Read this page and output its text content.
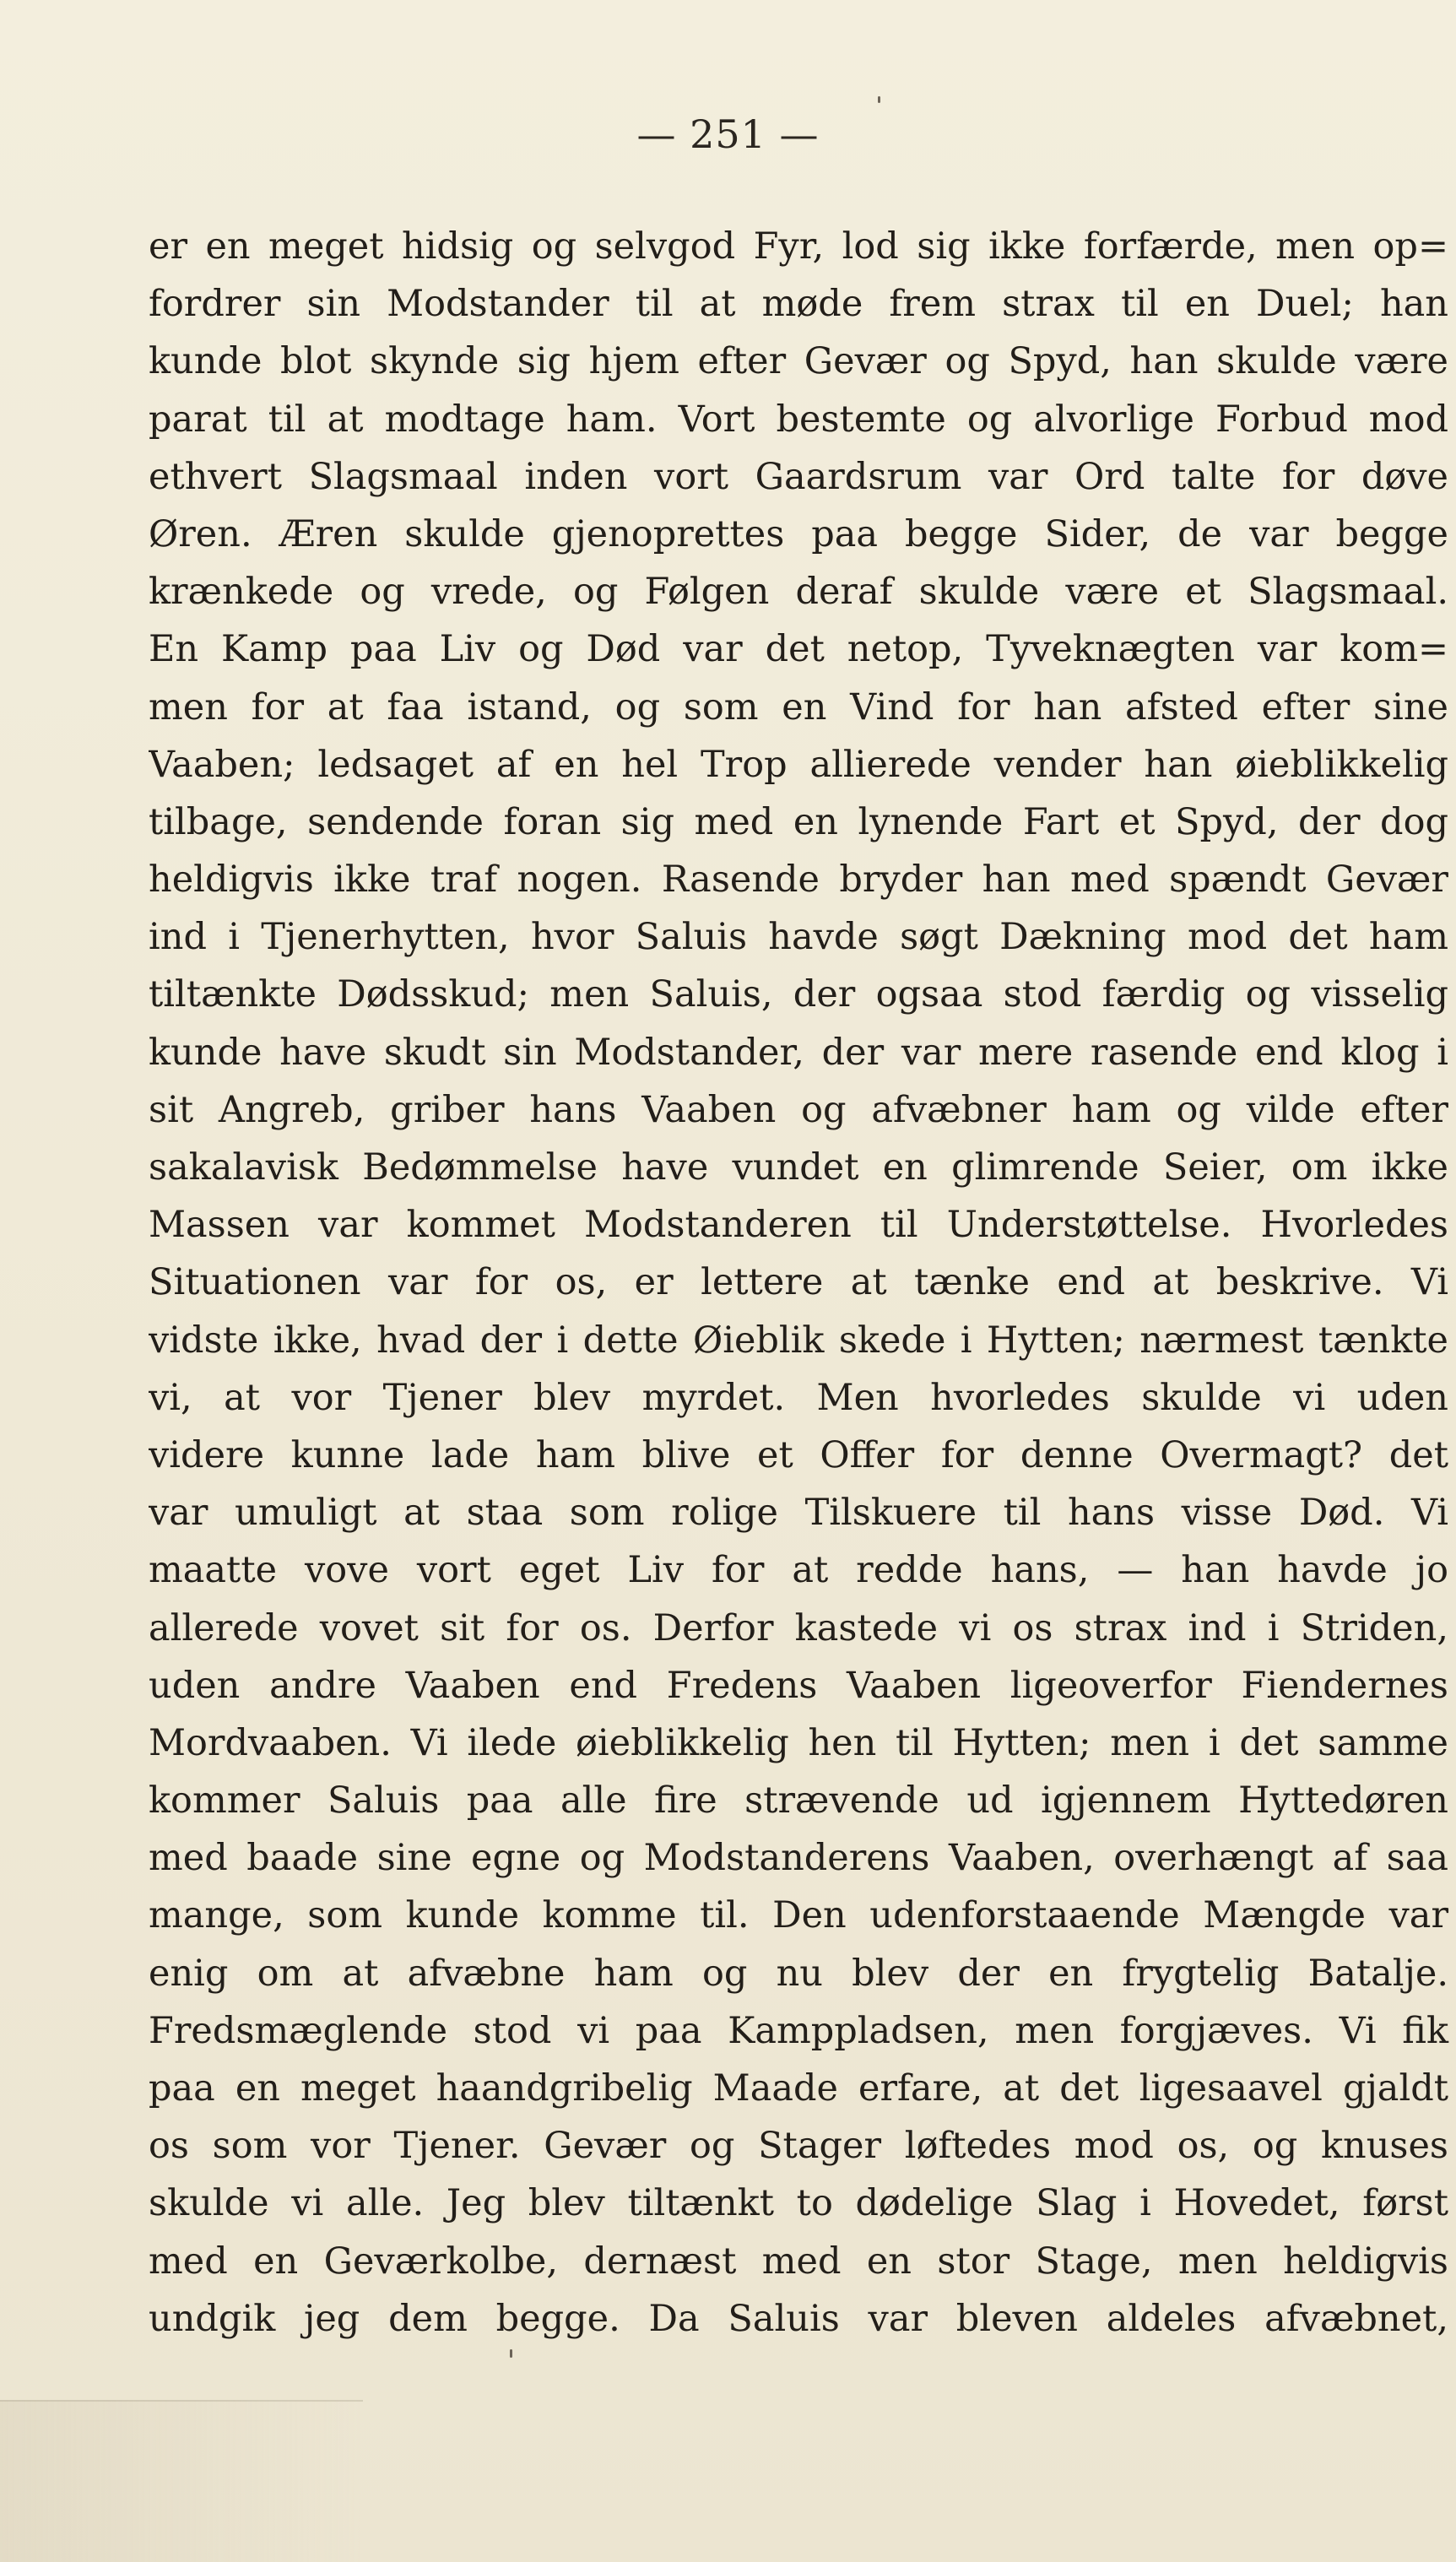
— 251 —
er en meget hidsig og selvgod Fyr, lod sig ikke forfærde, men op=
fordrer sin Modstander til at møde frem strax til en Duel; han
kunde blot skynde sig hjem efter Gevær og Spyd, han skulde være
parat til at modtage ham. Vort bestemte og alvorlige Forbud mod
ethvert Slagsmaal inden vort Gaardsrum var Ord talte for døve
Øren. Æren skulde gjenoprettes paa begge Sider, de var begge
krænkede og vrede, og Følgen deraf skulde være et Slagsmaal.
En Kamp paa Liv og Død var det netop, Tyveknægten var kom=
men for at faa istand, og som en Vind for han afsted efter sine
Vaaben; ledsaget af en hel Trop allierede vender han øieblikkelig
tilbage, sendende foran sig med en lynende Fart et Spyd, der dog
heldigvis ikke traf nogen. Rasende bryder han med spændt Gevær
ind i Tjenerhytten, hvor Saluis havde søgt Dækning mod det ham
tiltænkte Dødsskud; men Saluis, der ogsaa stod færdig og visselig
kunde have skudt sin Modstander, der var mere rasende end klog i
sit Angreb, griber hans Vaaben og afvæbner ham og vilde efter
sakalavisk Bedømmelse have vundet en glimrende Seier, om ikke
Massen var kommet Modstanderen til Understøttelse. Hvorledes
Situationen var for os, er lettere at tænke end at beskrive. Vi
vidste ikke, hvad der i dette Øieblik skede i Hytten; nærmest tænkte
vi, at vor Tjener blev myrdet. Men hvorledes skulde vi uden
videre kunne lade ham blive et Offer for denne Overmagt? det
var umuligt at staa som rolige Tilskuere til hans visse Død. Vi
maatte vove vort eget Liv for at redde hans, — han havde jo
allerede vovet sit for os. Derfor kastede vi os strax ind i Striden,
uden andre Vaaben end Fredens Vaaben ligeoverfor Fiendernes
Mordvaaben. Vi ilede øieblikkelig hen til Hytten; men i det samme
kommer Saluis paa alle fire strævende ud igjennem Hyttedøren
med baade sine egne og Modstanderens Vaaben, overhængt af saa
mange, som kunde komme til. Den udenforstaaende Mængde var
enig om at afvæbne ham og nu blev der en frygtelig Batalje.
Fredsmæglende stod vi paa Kamppladsen, men forgjæves. Vi fik
paa en meget haandgribelig Maade erfare, at det ligesaavel gjaldt
os som vor Tjener. Gevær og Stager løftedes mod os, og knuses
skulde vi alle. Jeg blev tiltænkt to dødelige Slag i Hovedet, først
med en Geværkolbe, dernæst med en stor Stage, men heldigvis
undgik jeg dem begge. Da Saluis var bleven aldeles afvæbnet,
